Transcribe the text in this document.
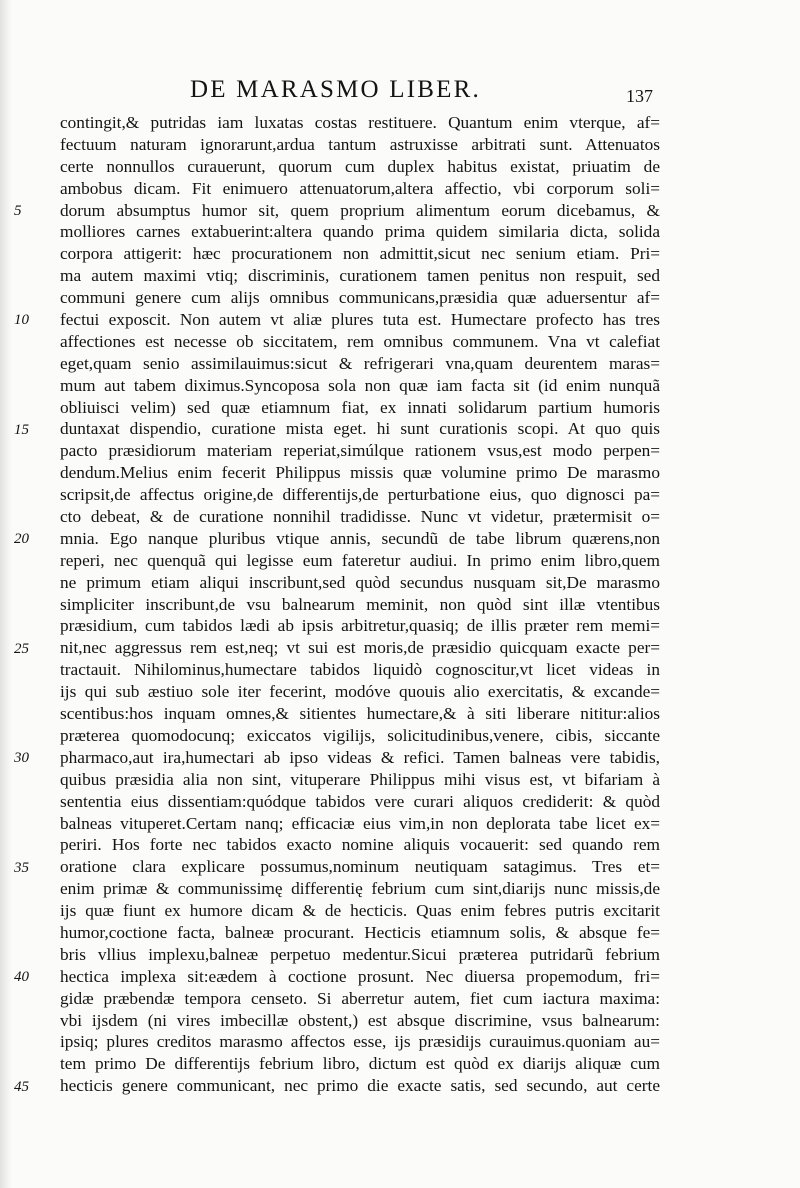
DE MARASMO LIBER.	137
contingit,& putridas iam luxatas costas restituere. Quantum enim vterque, af=
fectuum naturam ignorarunt,ardua tantum astruxisse arbitrati sunt. Attenuatos
certe nonnullos curauerunt, quorum cum duplex habitus existat, priuatim de
ambobus dicam. Fit enimuero attenuatorum,altera affectio, vbi corporum soli=
dorum absumptus humor sit, quem proprium alimentum eorum dicebamus, &
molliores carnes extabuerint:altera quando prima quidem similaria dicta, solida
corpora attigerit: hæc procurationem non admittit,sicut nec senium etiam. Pri=
ma autem maximi vtiq; discriminis, curationem tamen penitus non respuit, sed
communi genere cum alijs omnibus communicans,præsidia quæ aduersentur af=
fectui exposcit. Non autem vt aliæ plures tuta est. Humectare profecto has tres
affectiones est necesse ob siccitatem, rem omnibus communem. Vna vt calefiat
eget,quam senio assimilauimus:sicut & refrigerari vna,quam deurentem maras=
mum aut tabem diximus.Syncoposa sola non quæ iam facta sit (id enim nunquã
obliuisci velim) sed quæ etiamnum fiat, ex innati solidarum partium humoris
duntaxat dispendio, curatione mista eget. hi sunt curationis scopi. At quo quis
pacto præsidiorum materiam reperiat,simúlque rationem vsus,est modo perpen=
dendum.Melius enim fecerit Philippus missis quæ volumine primo De marasmo
scripsit,de affectus origine,de differentijs,de perturbatione eius, quo dignosci pa=
cto debeat, & de curatione nonnihil tradidisse. Nunc vt videtur, prætermisit o=
mnia. Ego nanque pluribus vtique annis, secundũ de tabe librum quærens,non
reperi, nec quenquã qui legisse eum fateretur audiui. In primo enim libro,quem
ne primum etiam aliqui inscribunt,sed quòd secundus nusquam sit,De marasmo
simpliciter inscribunt,de vsu balnearum meminit, non quòd sint illæ vtentibus
præsidium, cum tabidos lædi ab ipsis arbitretur,quasiq; de illis præter rem memi=
nit,nec aggressus rem est,neq; vt sui est moris,de præsidio quicquam exacte per=
tractauit. Nihilominus,humectare tabidos liquidò cognoscitur,vt licet videas in
ijs qui sub æstiuo sole iter fecerint, modóve quouis alio exercitatis, & excande=
scentibus:hos inquam omnes,& sitientes humectare,& à siti liberare nititur:alios
præterea quomodocunq; exiccatos vigilijs, solicitudinibus,venere, cibis, siccante
pharmaco,aut ira,humectari ab ipso videas & refici. Tamen balneas vere tabidis,
quibus præsidia alia non sint, vituperare Philippus mihi visus est, vt bifariam à
sententia eius dissentiam:quódque tabidos vere curari aliquos crediderit: & quòd
balneas vituperet.Certam nanq; efficaciæ eius vim,in non deplorata tabe licet ex=
periri. Hos forte nec tabidos exacto nomine aliquis vocauerit: sed quando rem
oratione clara explicare possumus,nominum neutiquam satagimus. Tres et=
enim primæ & communissimę differentię febrium cum sint,diarijs nunc missis,de
ijs quæ fiunt ex humore dicam & de hecticis. Quas enim febres putris excitarit
humor,coctione facta, balneæ procurant. Hecticis etiamnum solis, & absque fe=
bris vllius implexu,balneæ perpetuo medentur.Sicui præterea putridarũ febrium
hectica implexa sit:eædem à coctione prosunt. Nec diuersa propemodum, fri=
gidæ præbendæ tempora censeto. Si aberretur autem, fiet cum iactura maxima:
vbi ijsdem (ni vires imbecillæ obstent,) est absque discrimine, vsus balnearum:
ipsiq; plures creditos marasmo affectos esse, ijs præsidijs curauimus.quoniam au=
tem primo De differentijs febrium libro, dictum est quòd ex diarijs aliquæ cum
hecticis genere communicant, nec primo die exacte satis, sed secundo, aut certe
5
10
15
20
25
30
35
40
45
